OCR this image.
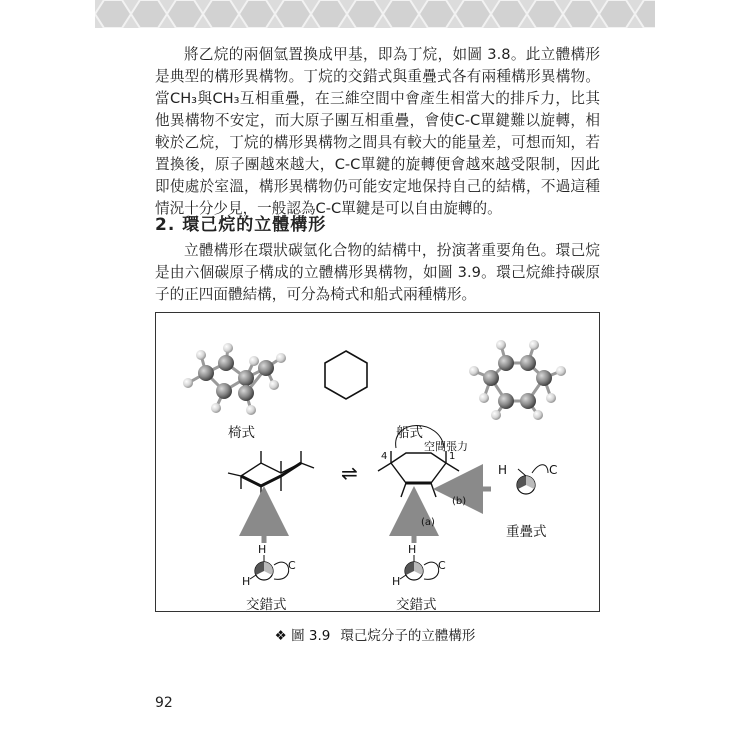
將乙烷的兩個氫置換成甲基，即為丁烷，如圖 3.8。此立體構形是典型的構形異構物。丁烷的交錯式與重疊式各有兩種構形異構物。當CH₃與CH₃互相重疊，在三維空間中會產生相當大的排斥力，比其他異構物不安定，而大原子團互相重疊，會使C-C單鍵難以旋轉，相較於乙烷，丁烷的構形異構物之間具有較大的能量差，可想而知，若置換後，原子團越來越大，C-C單鍵的旋轉便會越來越受限制，因此即使處於室溫，構形異構物仍可能安定地保持自己的結構，不過這種情況十分少見，一般認為C-C單鍵是可以自由旋轉的。

2. 環己烷的立體構形

立體構形在環狀碳氫化合物的結構中，扮演著重要角色。環己烷是由六個碳原子構成的立體構形異構物，如圖 3.9。環己烷維持碳原子的正四面體結構，可分為椅式和船式兩種構形。

椅式	船式
空間張力
⇌
4	1
(a)
(b)
H	C
重疊式
H
H
C
H
H
C
交錯式	交錯式
❖ 圖 3.9 環己烷分子的立體構形
92
